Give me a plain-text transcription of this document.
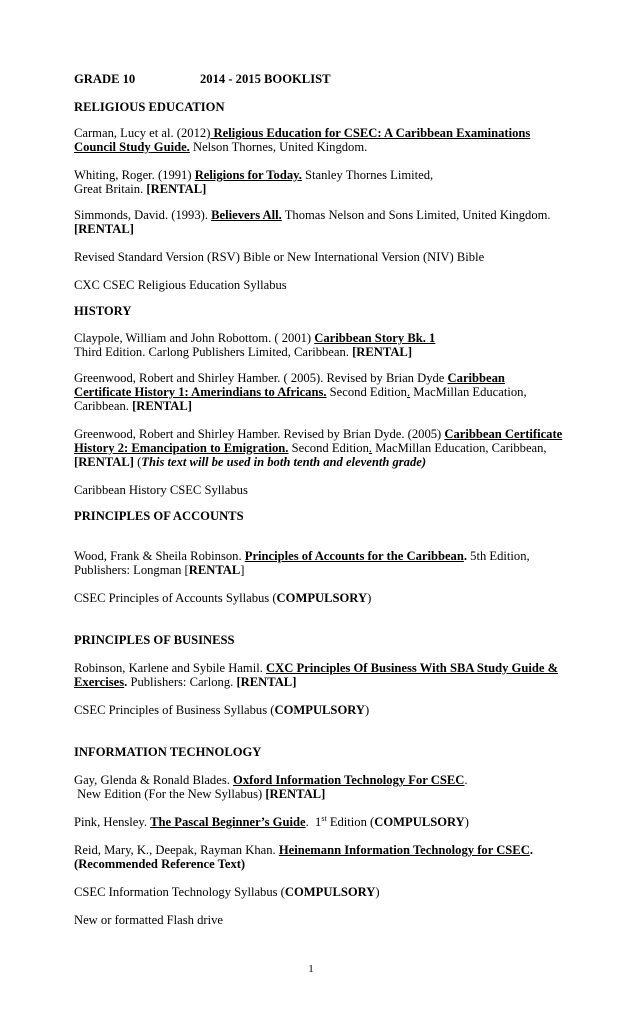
GRADE 10	2014 - 2015 BOOKLIST
RELIGIOUS EDUCATION
Carman, Lucy et al. (2012) Religious Education for CSEC: A Caribbean Examinations
Council Study Guide. Nelson Thornes, United Kingdom.
Whiting, Roger. (1991) Religions for Today. Stanley Thornes Limited,
Great Britain. [RENTAL]
Simmonds, David. (1993). Believers All. Thomas Nelson and Sons Limited, United Kingdom.
[RENTAL]
Revised Standard Version (RSV) Bible or New International Version (NIV) Bible
CXC CSEC Religious Education Syllabus
HISTORY
Claypole, William and John Robottom. ( 2001) Caribbean Story Bk. 1
Third Edition. Carlong Publishers Limited, Caribbean. [RENTAL]
Greenwood, Robert and Shirley Hamber. ( 2005). Revised by Brian Dyde Caribbean
Certificate History 1: Amerindians to Africans. Second Edition. MacMillan Education,
Caribbean. [RENTAL]
Greenwood, Robert and Shirley Hamber. Revised by Brian Dyde. (2005) Caribbean Certificate
History 2: Emancipation to Emigration. Second Edition. MacMillan Education, Caribbean,
[RENTAL] (This text will be used in both tenth and eleventh grade)
Caribbean History CSEC Syllabus
PRINCIPLES OF ACCOUNTS
Wood, Frank & Sheila Robinson. Principles of Accounts for the Caribbean. 5th Edition,
Publishers: Longman [RENTAL]
CSEC Principles of Accounts Syllabus (COMPULSORY)
PRINCIPLES OF BUSINESS
Robinson, Karlene and Sybile Hamil. CXC Principles Of Business With SBA Study Guide &
Exercises. Publishers: Carlong. [RENTAL]
CSEC Principles of Business Syllabus (COMPULSORY)
INFORMATION TECHNOLOGY
Gay, Glenda & Ronald Blades. Oxford Information Technology For CSEC.
New Edition (For the New Syllabus) [RENTAL]
Pink, Hensley. The Pascal Beginner’s Guide.  1st Edition (COMPULSORY)
Reid, Mary, K., Deepak, Rayman Khan. Heinemann Information Technology for CSEC.
(Recommended Reference Text)
CSEC Information Technology Syllabus (COMPULSORY)
New or formatted Flash drive
1
